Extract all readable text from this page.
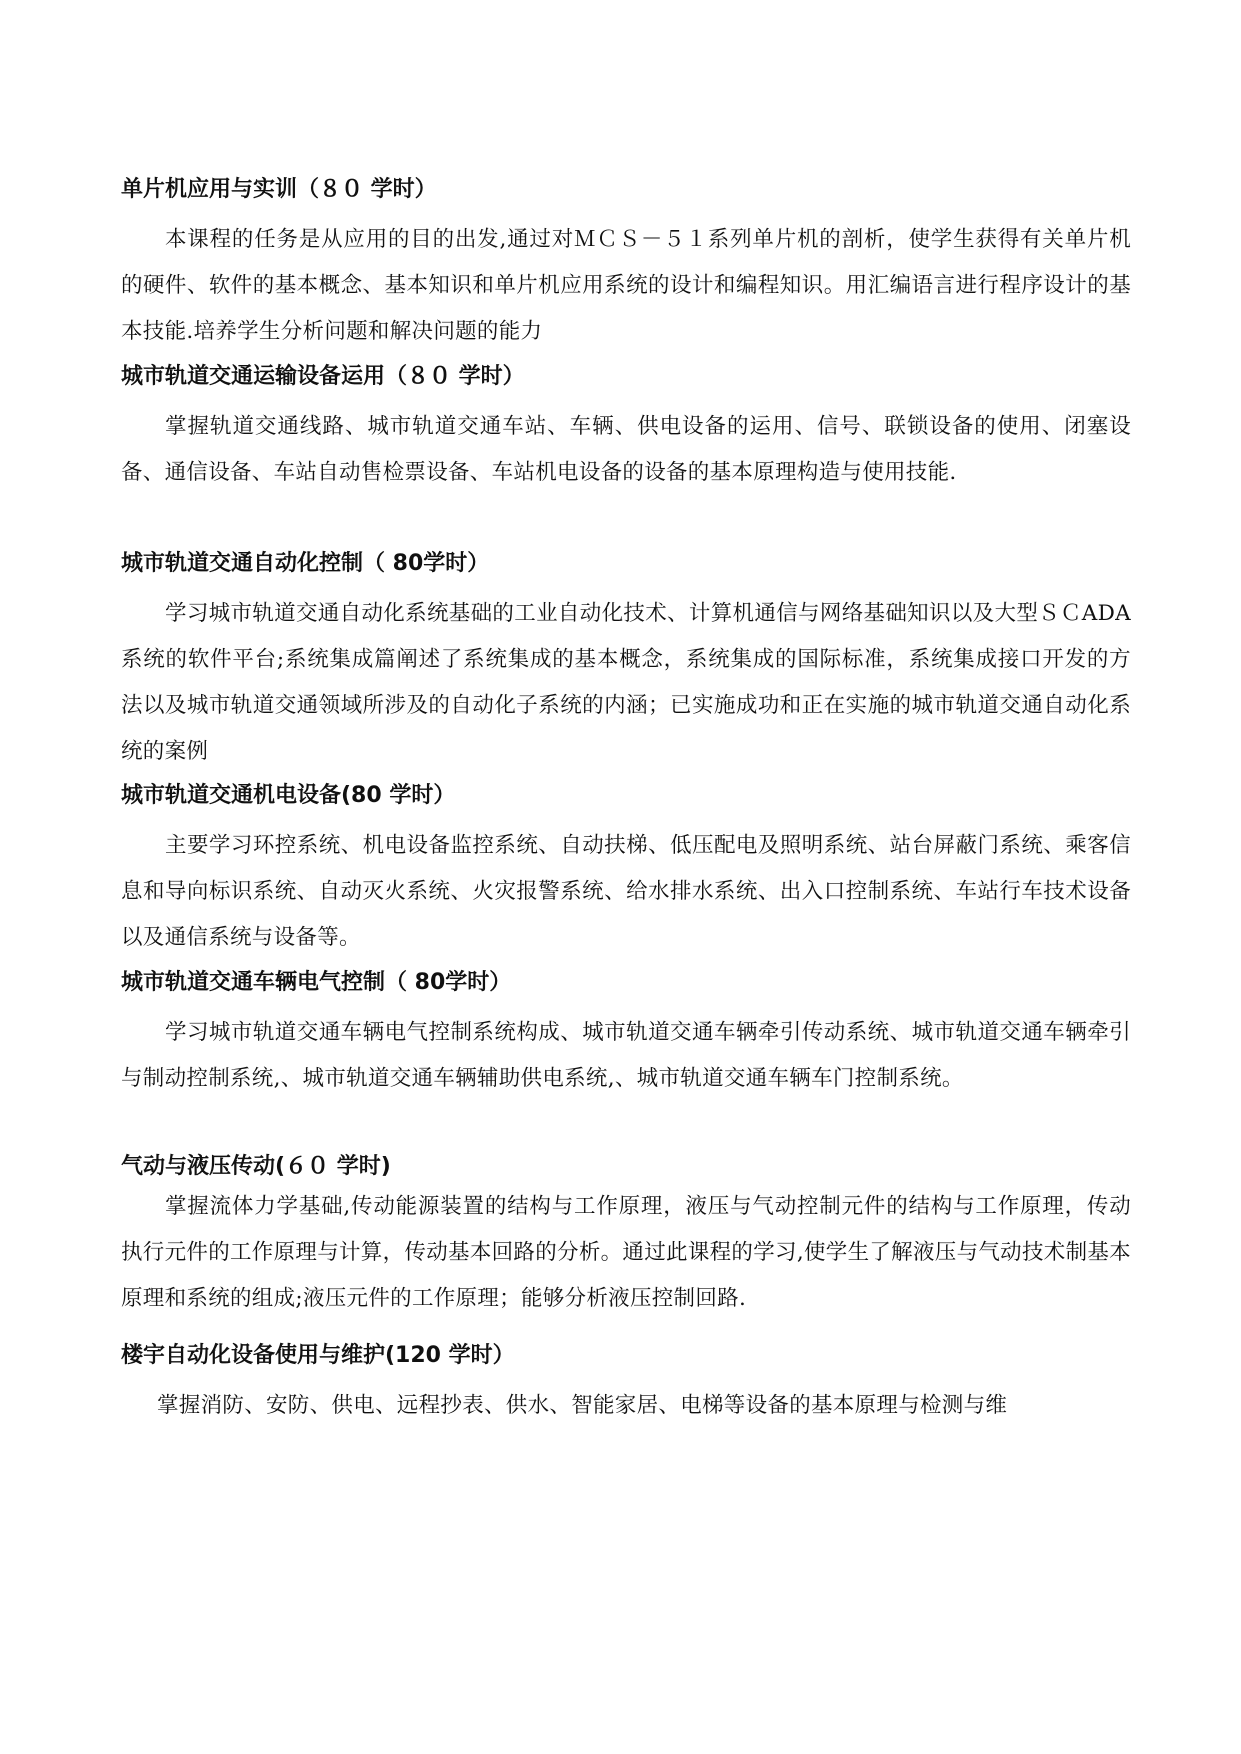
单片机应用与实训（８０ 学时）

本课程的任务是从应用的目的出发,通过对ＭＣＳ－５１系列单片机的剖析，使学生获得有关单片机的硬件、软件的基本概念、基本知识和单片机应用系统的设计和编程知识。用汇编语言进行程序设计的基本技能.培养学生分析问题和解决问题的能力

城市轨道交通运输设备运用（８０ 学时）

掌握轨道交通线路、城市轨道交通车站、车辆、供电设备的运用、信号、联锁设备的使用、闭塞设备、通信设备、车站自动售检票设备、车站机电设备的设备的基本原理构造与使用技能.

城市轨道交通自动化控制（ 80学时）

学习城市轨道交通自动化系统基础的工业自动化技术、计算机通信与网络基础知识以及大型ＳＣADA系统的软件平台;系统集成篇阐述了系统集成的基本概念，系统集成的国际标准，系统集成接口开发的方法以及城市轨道交通领域所涉及的自动化子系统的内涵；已实施成功和正在实施的城市轨道交通自动化系统的案例

城市轨道交通机电设备(80 学时）

主要学习环控系统、机电设备监控系统、自动扶梯、低压配电及照明系统、站台屏蔽门系统、乘客信息和导向标识系统、自动灭火系统、火灾报警系统、给水排水系统、出入口控制系统、车站行车技术设备以及通信系统与设备等。

城市轨道交通车辆电气控制（ 80学时）

学习城市轨道交通车辆电气控制系统构成、城市轨道交通车辆牵引传动系统、城市轨道交通车辆牵引与制动控制系统,、城市轨道交通车辆辅助供电系统,、城市轨道交通车辆车门控制系统。

气动与液压传动(６０ 学时)

掌握流体力学基础,传动能源装置的结构与工作原理，液压与气动控制元件的结构与工作原理，传动执行元件的工作原理与计算，传动基本回路的分析。通过此课程的学习,使学生了解液压与气动技术制基本原理和系统的组成;液压元件的工作原理；能够分析液压控制回路.

楼宇自动化设备使用与维护(120 学时）

掌握消防、安防、供电、远程抄表、供水、智能家居、电梯等设备的基本原理与检测与维
